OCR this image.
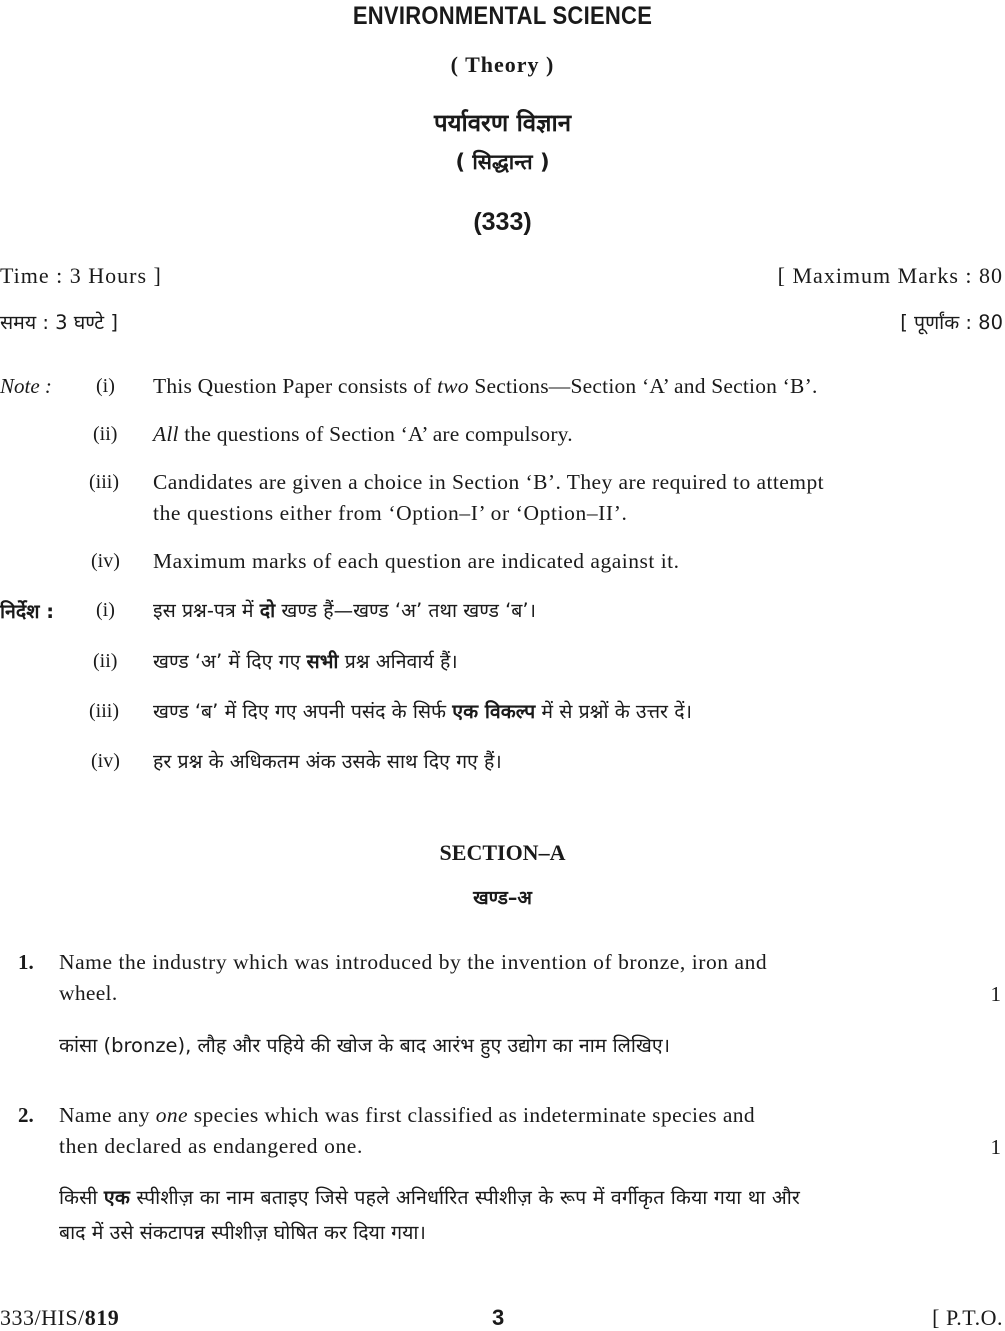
ENVIRONMENTAL SCIENCE
( Theory )
पर्यावरण विज्ञान
( सिद्धान्त )
(333)
Time : 3 Hours ]	[ Maximum Marks : 80
समय : 3 घण्टे ]	[ पूर्णांक : 80
Note : (i) This Question Paper consists of two Sections—Section ‘A’ and Section ‘B’.
(ii) All the questions of Section ‘A’ are compulsory.
(iii) Candidates are given a choice in Section ‘B’. They are required to attempt
the questions either from ‘Option–I’ or ‘Option–II’.
(iv) Maximum marks of each question are indicated against it.
निर्देश : (i) इस प्रश्न-पत्र में दो खण्ड हैं—खण्ड ‘अ’ तथा खण्ड ‘ब’।
(ii) खण्ड ‘अ’ में दिए गए सभी प्रश्न अनिवार्य हैं।
(iii) खण्ड ‘ब’ में दिए गए अपनी पसंद के सिर्फ एक विकल्प में से प्रश्नों के उत्तर दें।
(iv) हर प्रश्न के अधिकतम अंक उसके साथ दिए गए हैं।
SECTION–A
खण्ड–अ
1. Name the industry which was introduced by the invention of bronze, iron and
wheel.	1
कांसा (bronze), लौह और पहिये की खोज के बाद आरंभ हुए उद्योग का नाम लिखिए।
2. Name any one species which was first classified as indeterminate species and
then declared as endangered one.	1
किसी एक स्पीशीज़ का नाम बताइए जिसे पहले अनिर्धारित स्पीशीज़ के रूप में वर्गीकृत किया गया था और
बाद में उसे संकटापन्न स्पीशीज़ घोषित कर दिया गया।
333/HIS/819	3	[ P.T.O.
